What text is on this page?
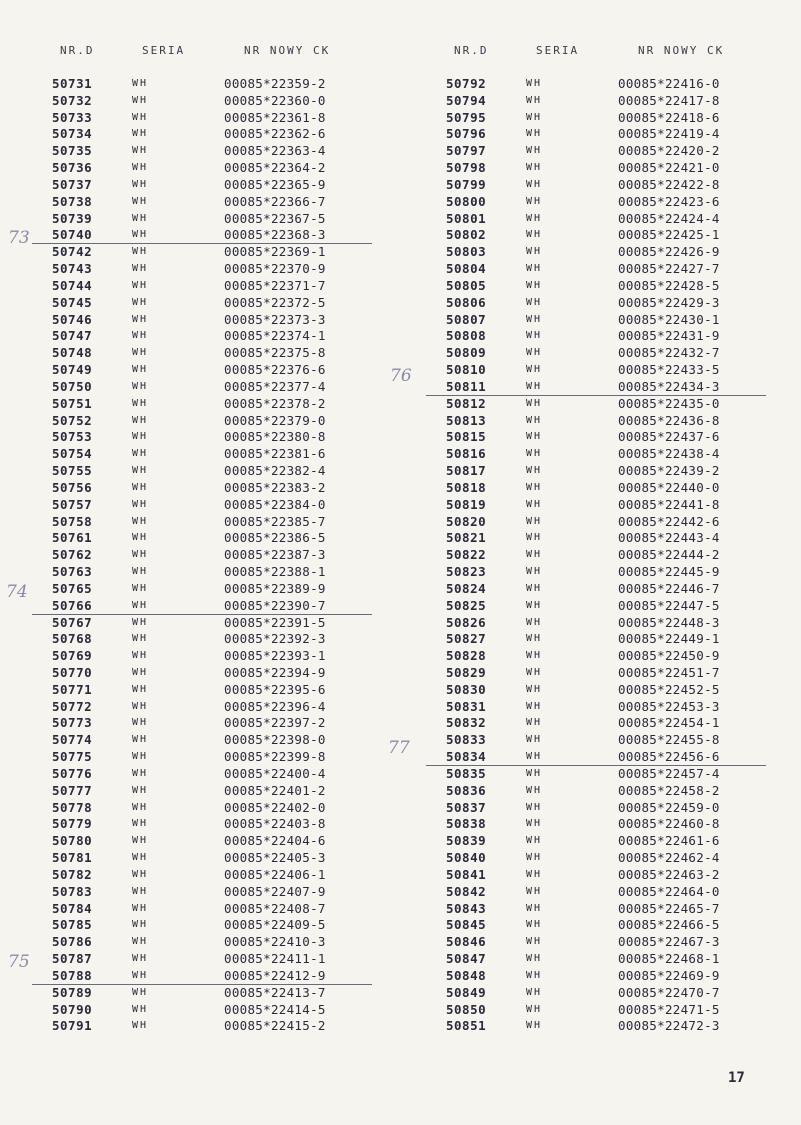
NR.D	SERIA	NR NOWY CK
50731	WH	00085*22359-2
50732	WH	00085*22360-0
50733	WH	00085*22361-8
50734	WH	00085*22362-6
50735	WH	00085*22363-4
50736	WH	00085*22364-2
50737	WH	00085*22365-9
50738	WH	00085*22366-7
50739	WH	00085*22367-5
50740	WH	00085*22368-3
50742	WH	00085*22369-1
50743	WH	00085*22370-9
50744	WH	00085*22371-7
50745	WH	00085*22372-5
50746	WH	00085*22373-3
50747	WH	00085*22374-1
50748	WH	00085*22375-8
50749	WH	00085*22376-6
50750	WH	00085*22377-4
50751	WH	00085*22378-2
50752	WH	00085*22379-0
50753	WH	00085*22380-8
50754	WH	00085*22381-6
50755	WH	00085*22382-4
50756	WH	00085*22383-2
50757	WH	00085*22384-0
50758	WH	00085*22385-7
50761	WH	00085*22386-5
50762	WH	00085*22387-3
50763	WH	00085*22388-1
50765	WH	00085*22389-9
50766	WH	00085*22390-7
50767	WH	00085*22391-5
50768	WH	00085*22392-3
50769	WH	00085*22393-1
50770	WH	00085*22394-9
50771	WH	00085*22395-6
50772	WH	00085*22396-4
50773	WH	00085*22397-2
50774	WH	00085*22398-0
50775	WH	00085*22399-8
50776	WH	00085*22400-4
50777	WH	00085*22401-2
50778	WH	00085*22402-0
50779	WH	00085*22403-8
50780	WH	00085*22404-6
50781	WH	00085*22405-3
50782	WH	00085*22406-1
50783	WH	00085*22407-9
50784	WH	00085*22408-7
50785	WH	00085*22409-5
50786	WH	00085*22410-3
50787	WH	00085*22411-1
50788	WH	00085*22412-9
50789	WH	00085*22413-7
50790	WH	00085*22414-5
50791	WH	00085*22415-2
NR.D	SERIA	NR NOWY CK
50792	WH	00085*22416-0
50794	WH	00085*22417-8
50795	WH	00085*22418-6
50796	WH	00085*22419-4
50797	WH	00085*22420-2
50798	WH	00085*22421-0
50799	WH	00085*22422-8
50800	WH	00085*22423-6
50801	WH	00085*22424-4
50802	WH	00085*22425-1
50803	WH	00085*22426-9
50804	WH	00085*22427-7
50805	WH	00085*22428-5
50806	WH	00085*22429-3
50807	WH	00085*22430-1
50808	WH	00085*22431-9
50809	WH	00085*22432-7
50810	WH	00085*22433-5
50811	WH	00085*22434-3
50812	WH	00085*22435-0
50813	WH	00085*22436-8
50815	WH	00085*22437-6
50816	WH	00085*22438-4
50817	WH	00085*22439-2
50818	WH	00085*22440-0
50819	WH	00085*22441-8
50820	WH	00085*22442-6
50821	WH	00085*22443-4
50822	WH	00085*22444-2
50823	WH	00085*22445-9
50824	WH	00085*22446-7
50825	WH	00085*22447-5
50826	WH	00085*22448-3
50827	WH	00085*22449-1
50828	WH	00085*22450-9
50829	WH	00085*22451-7
50830	WH	00085*22452-5
50831	WH	00085*22453-3
50832	WH	00085*22454-1
50833	WH	00085*22455-8
50834	WH	00085*22456-6
50835	WH	00085*22457-4
50836	WH	00085*22458-2
50837	WH	00085*22459-0
50838	WH	00085*22460-8
50839	WH	00085*22461-6
50840	WH	00085*22462-4
50841	WH	00085*22463-2
50842	WH	00085*22464-0
50843	WH	00085*22465-7
50845	WH	00085*22466-5
50846	WH	00085*22467-3
50847	WH	00085*22468-1
50848	WH	00085*22469-9
50849	WH	00085*22470-7
50850	WH	00085*22471-5
50851	WH	00085*22472-3
73
74
75
76
77
17
